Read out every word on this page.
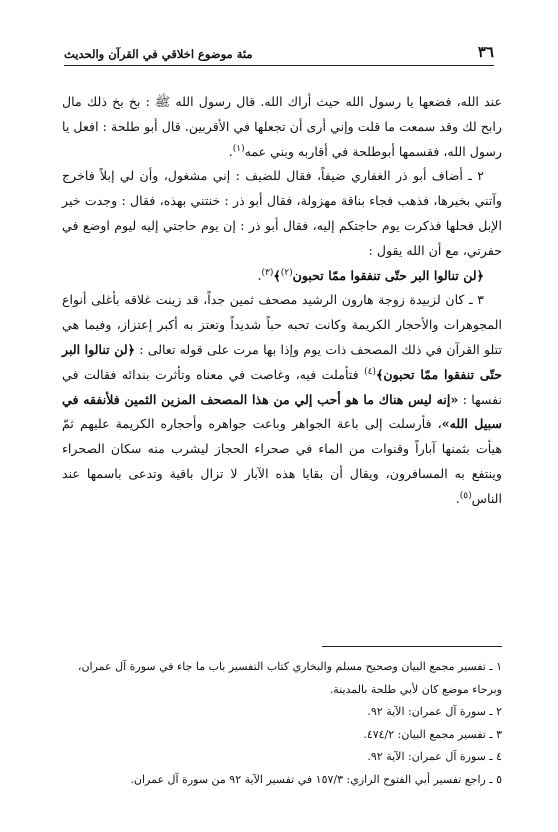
٣٦
مئة موضوع اخلاقي في القرآن والحديث

عند الله، فضعها يا رسول الله حيث أراك الله. قال رسول الله ﷺ : بخ بخ ذلك مال رابح لك وقد سمعت ما قلت وإني أرى أن تجعلها في الأقربين. قال أبو طلحة : افعل يا رسول الله، فقسمها أبوطلحة في أقاربه وبني عمه$^{(١)}$.

٢ ـ أضاف أبو ذر الغفاري ضيفاً، فقال للضيف : إني مشغول، وأن لي إبلاً فاخرج وآتني بخيرها، فذهب فجاء بناقة مهزولة، فقال أبو ذر : خنتني بهذه، فقال : وجدت خير الإبل فحلها فذكرت يوم حاجتكم إليه، فقال أبو ذر : إن يوم حاجتي إليه ليوم اوضع في حفرتي، مع أن الله يقول :

﴿لن تنالوا البر حتّى تنفقوا ممّا تحبون$^{(٢)}$﴾$^{(٣)}$.

٣ ـ كان لزبيدة زوجة هارون الرشيد مصحف ثمين جداً، قد زينت غلاقه بأغلى أنواع المجوهرات والأحجار الكريمة وكانت تحبه حباً شديداً وتعتز به أكبر إعتزاز، وفيما هي تتلو القرآن في ذلك المصحف ذات يوم وإذا بها مرت على قوله تعالى : ﴿لن تنالوا البر حتّى تنفقوا ممّا تحبون﴾$^{(٤)}$ فتأملت فيه، وغاصت في معناه وتأثرت بندائه فقالت في نفسها : «إنه ليس هناك ما هو أحب إلي من هذا المصحف المزين الثمين فلأنفقه في سبيل الله»، فأرسلت إلى باعة الجواهر وباعت جواهره وأحجاره الكريمة عليهم ثمّ هيأت بثمنها آباراً وقنوات من الماء في صحراء الحجاز ليشرب منه سكان الصحراء وينتفع به المسافرون، ويقال أن بقايا هذه الآبار لا تزال باقية وتدعى باسمها عند الناس$^{(٥)}$.

١ ـ تفسير مجمع البيان وصحيح مسلم والبخاري كتاب التفسير باب ما جاء في سورة آل عمران، وبرحاء موضع كان لأبي طلحة بالمدينة.

٢ ـ سورة آل عمران: الآية ٩٢.

٣ ـ تفسير مجمع البيان: ٤٧٤/٢.

٤ ـ سورة آل عمران: الآية ٩٢.

٥ ـ راجع تفسير أبي الفتوح الرازي: ١٥٧/٣ في تفسير الآية ٩٢ من سورة آل عمران.
